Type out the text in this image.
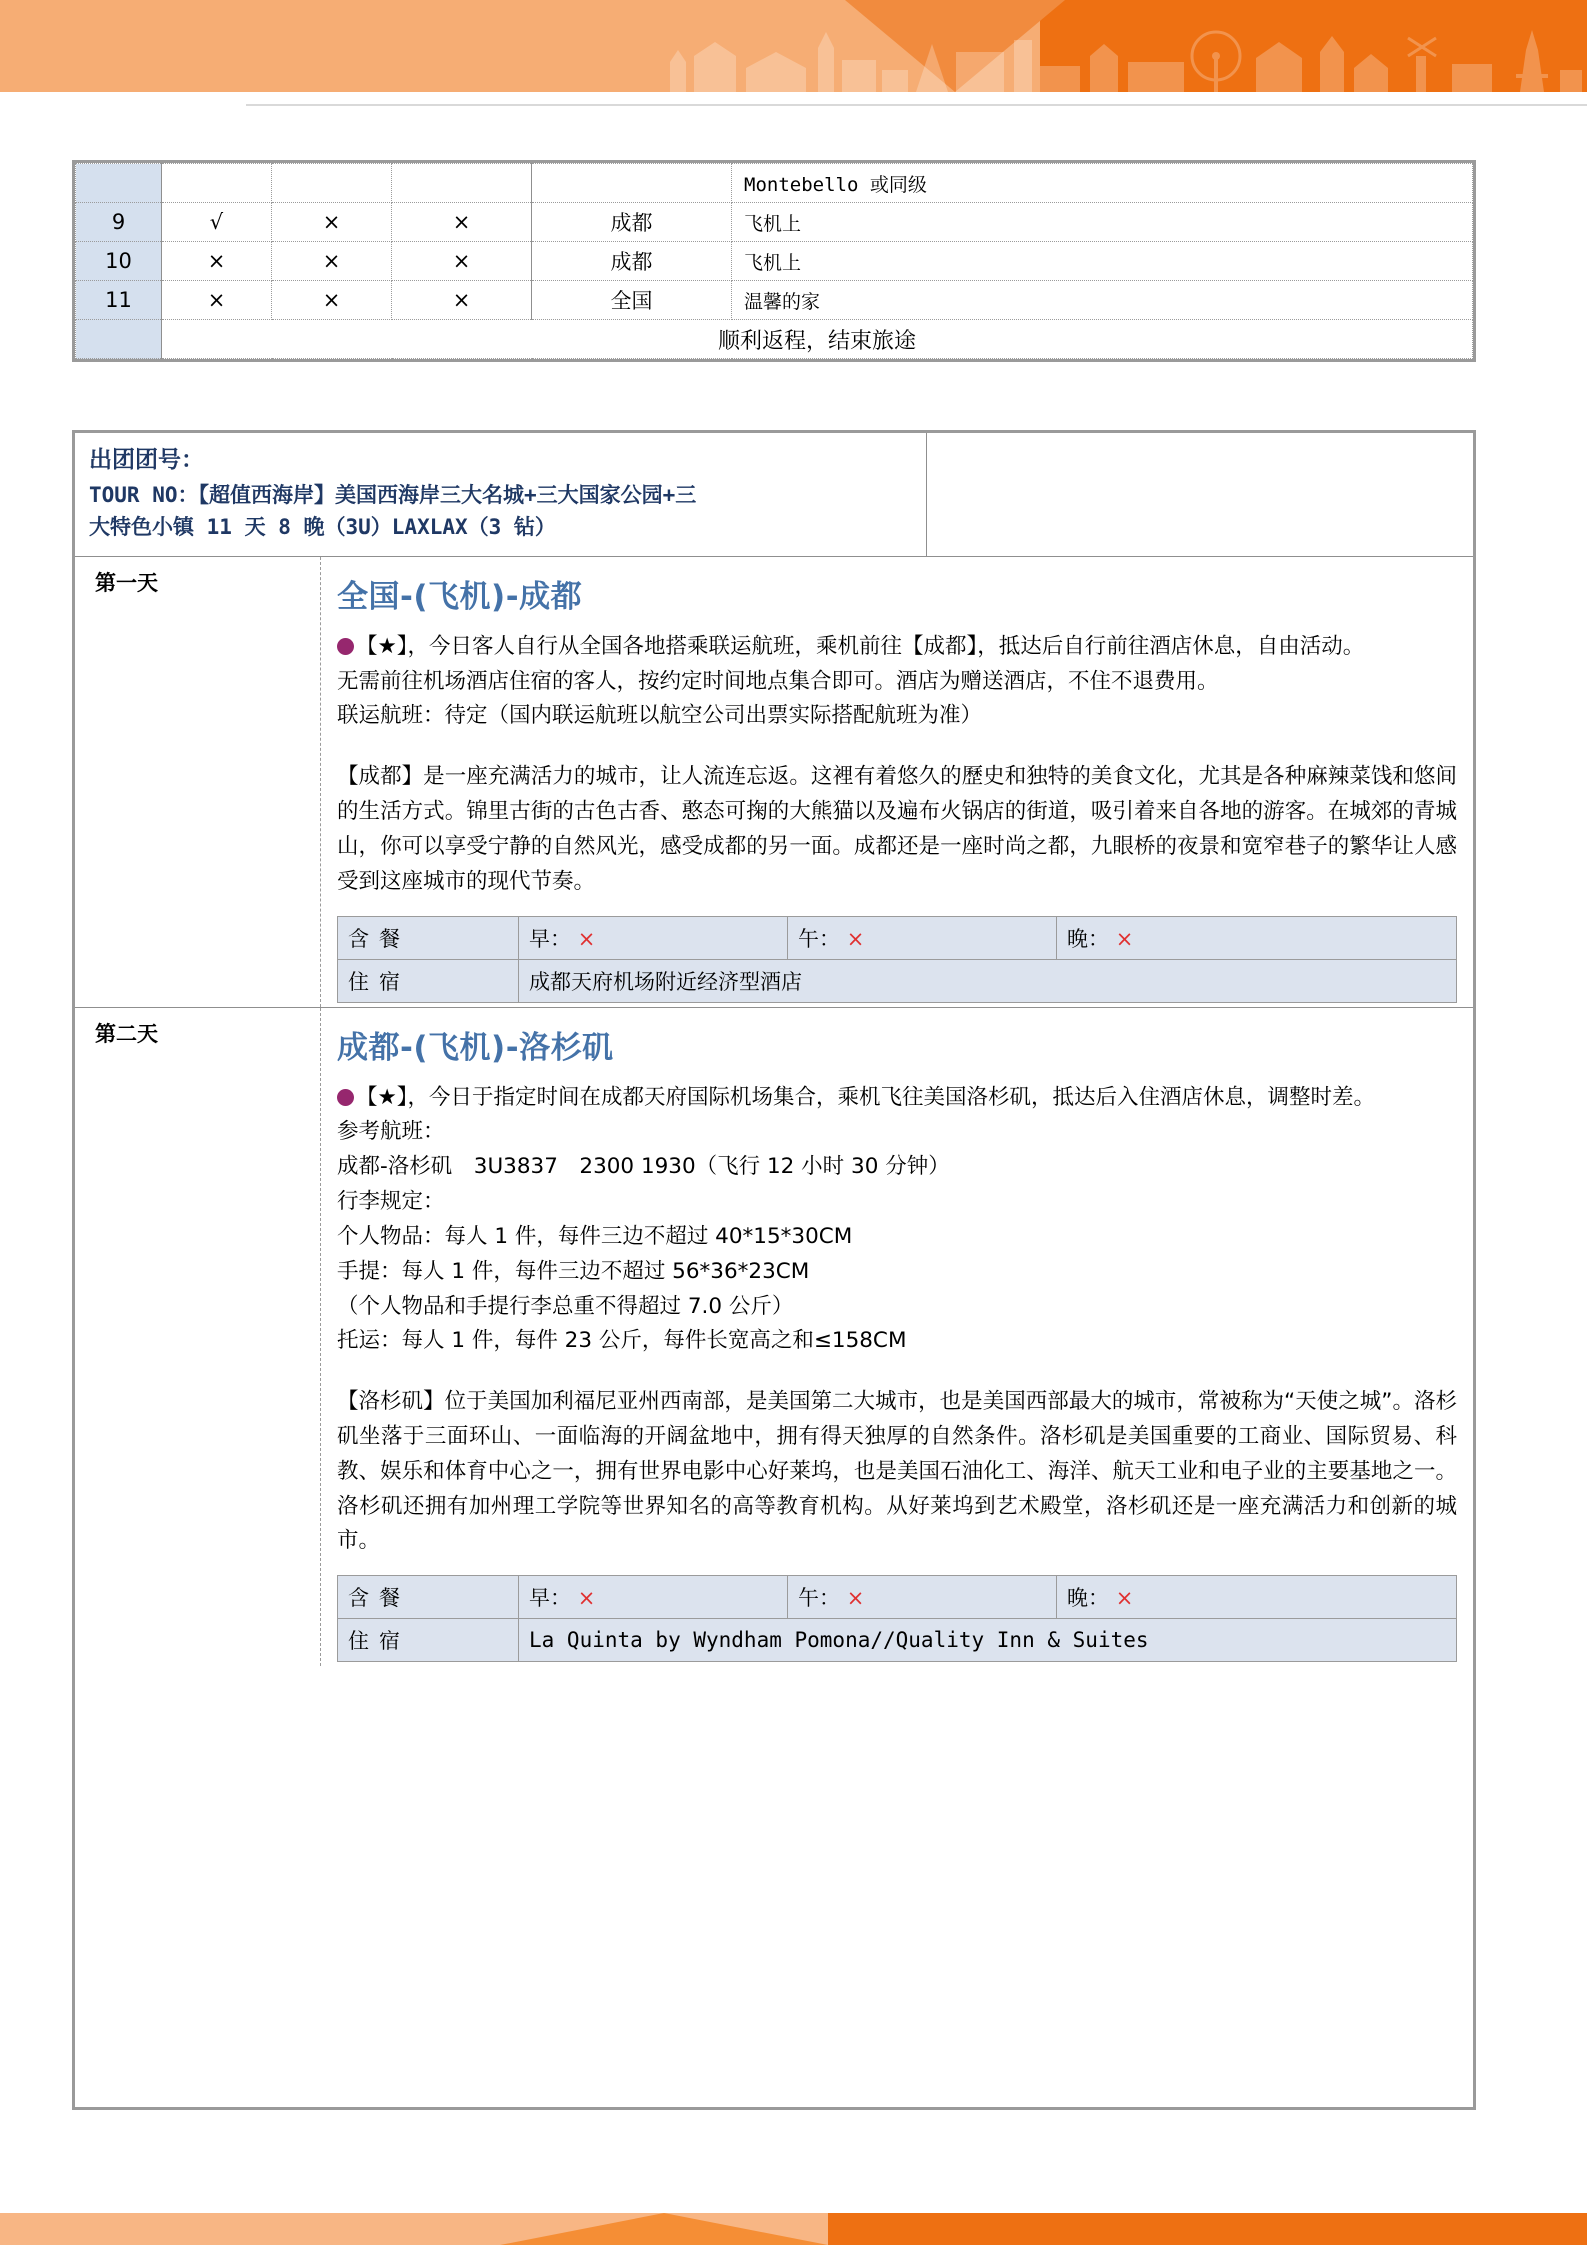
					Montebello 或同级
9	√	×	×	成都	飞机上
10	×	×	×	成都	飞机上
11	×	×	×	全国	温馨的家
	顺利返程，结束旅途				
出团团号：
TOUR NO：【超值西海岸】美国西海岸三大名城+三大国家公园+三
大特色小镇 11 天 8 晚（3U）LAXLAX（3 钻）
第一天	全国-(飞机)-成都

【★】，今日客人自行从全国各地搭乘联运航班，乘机前往【成都】，抵达后自行前往酒店休息，自由活动。

无需前往机场酒店住宿的客人，按约定时间地点集合即可。酒店为赠送酒店，不住不退费用。

联运航班：待定（国内联运航班以航空公司出票实际搭配航班为准）

【成都】是一座充满活力的城市，让人流连忘返。这裡有着悠久的歷史和独特的美食文化，尤其是各种麻辣菜饯和悠间的生活方式。锦里古街的古色古香、憨态可掬的大熊猫以及遍布火锅店的街道，吸引着来自各地的游客。在城郊的青城山，你可以享受宁静的自然风光，感受成都的另一面。成都还是一座时尚之都，九眼桥的夜景和宽窄巷子的繁华让人感受到这座城市的现代节奏。

含餐	早： ×	午： ×	晚： ×
住宿	成都天府机场附近经济型酒店		
第二天	成都-(飞机)-洛杉矶

【★】，今日于指定时间在成都天府国际机场集合，乘机飞往美国洛杉矶，抵达后入住酒店休息，调整时差。

参考航班：

成都-洛杉矶　3U3837　2300 1930（飞行 12 小时 30 分钟）

行李规定：

个人物品：每人 1 件，每件三边不超过 40*15*30CM

手提：每人 1 件，每件三边不超过 56*36*23CM

（个人物品和手提行李总重不得超过 7.0 公斤）

托运：每人 1 件，每件 23 公斤，每件长宽高之和≤158CM

【洛杉矶】位于美国加利福尼亚州西南部，是美国第二大城市，也是美国西部最大的城市，常被称为“天使之城”。洛杉矶坐落于三面环山、一面临海的开阔盆地中，拥有得天独厚的自然条件。洛杉矶是美国重要的工商业、国际贸易、科教、娱乐和体育中心之一，拥有世界电影中心好莱坞，也是美国石油化工、海洋、航天工业和电子业的主要基地之一。洛杉矶还拥有加州理工学院等世界知名的高等教育机构。从好莱坞到艺术殿堂，洛杉矶还是一座充满活力和创新的城市。

含餐	早： ×	午： ×	晚： ×
住宿	La Quinta by Wyndham Pomona//Quality Inn & Suites		
